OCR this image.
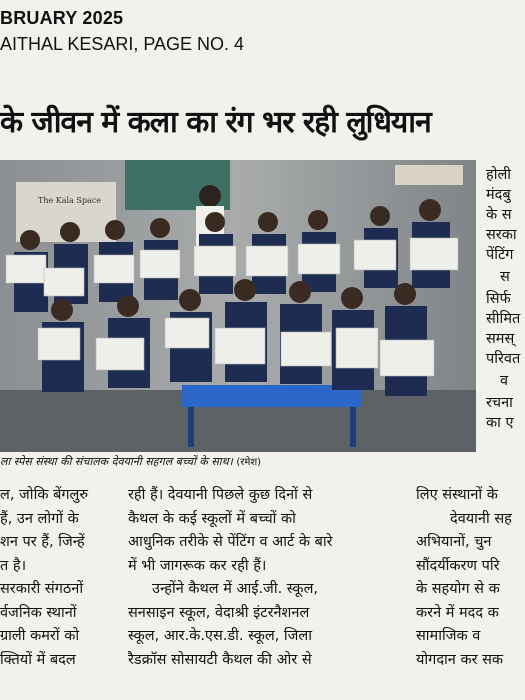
BRUARY 2025
AITHAL KESARI, PAGE NO. 4
के जीवन में कला का रंग भर रही लुधियान
The Kala Space
ला स्पेस संस्था की संचालक देवयानी सहगल बच्चों के साथ। (रमेश)
होली
मंदबु
के स
सरका
पेंटिंग
स
सिर्फ
सीमित
समस्
परिवत
व
रचना
का ए
ल, जोकि बेंगलुरु
हैं, उन लोगों के
शन पर हैं, जिन्हें
त है।
सरकारी संगठनों
र्वजनिक स्थानों
ग्राली कमरों को
क्तियों में बदल
रही हैं। देवयानी पिछले कुछ दिनों से
कैथल के कई स्कूलों में बच्चों को
आधुनिक तरीके से पेंटिंग व आर्ट के बारे
में भी जागरूक कर रही हैं।
उन्होंने कैथल में आई.जी. स्कूल,
सनसाइन स्कूल, वेदाश्री इंटरनैशनल
स्कूल, आर.के.एस.डी. स्कूल, जिला
रैडक्रॉस सोसायटी कैथल की ओर से
लिए संस्थानों के
देवयानी सह
अभियानों, चुन
सौंदर्यीकरण परि
के सहयोग से क
करने में मदद क
सामाजिक व
योगदान कर सक
